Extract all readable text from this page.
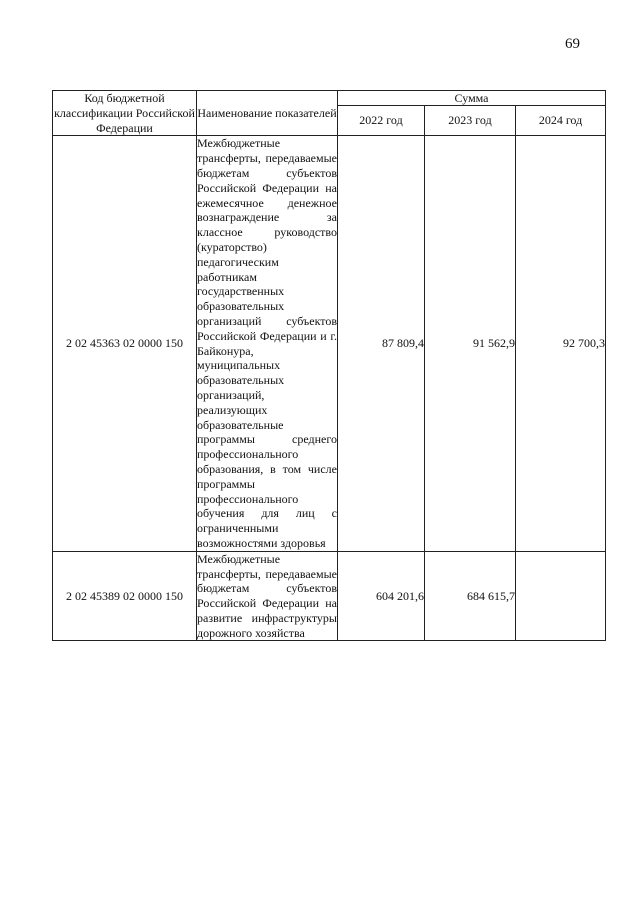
69
Код бюджетной классификации Российской Федерации	Наименование показателей	Сумма		
		2022 год	2023 год	2024 год
2 02 45363 02 0000 150	Межбюджетные трансферты, передаваемые бюджетам субъектов Российской Федерации на ежемесячное денежное вознаграждение за классное руководство (кураторство) педагогическим работникам государственных образовательных организаций субъектов Российской Федерации и г. Байконура, муниципальных образовательных организаций, реализующих образовательные программы среднего профессионального образования, в том числе программы профессионального обучения для лиц с ограниченными возможностями здоровья	87 809,4	91 562,9	92 700,3
2 02 45389 02 0000 150	Межбюджетные трансферты, передаваемые бюджетам субъектов Российской Федерации на развитие инфраструктуры дорожного хозяйства	604 201,6	684 615,7	
